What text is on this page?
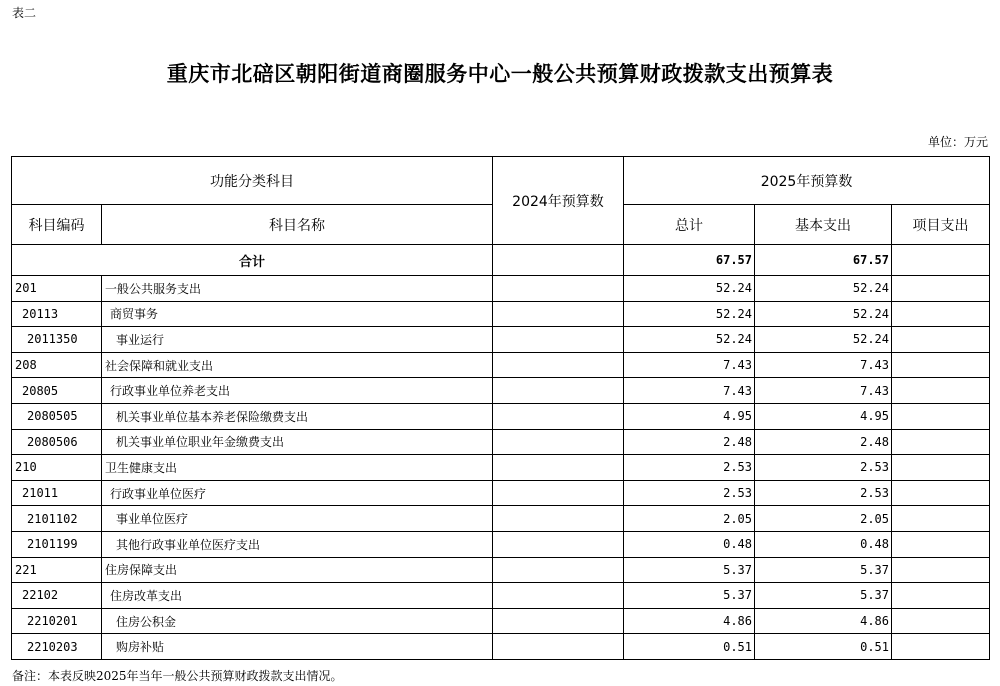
表二
重庆市北碚区朝阳街道商圈服务中心一般公共预算财政拨款支出预算表
单位：万元
功能分类科目		2024年预算数	2025年预算数		
科目编码	科目名称		总计	基本支出	项目支出
合计			67.57	67.57	
201	一般公共服务支出		52.24	52.24	
20113	商贸事务		52.24	52.24	
2011350	事业运行		52.24	52.24	
208	社会保障和就业支出		7.43	7.43	
20805	行政事业单位养老支出		7.43	7.43	
2080505	机关事业单位基本养老保险缴费支出		4.95	4.95	
2080506	机关事业单位职业年金缴费支出		2.48	2.48	
210	卫生健康支出		2.53	2.53	
21011	行政事业单位医疗		2.53	2.53	
2101102	事业单位医疗		2.05	2.05	
2101199	其他行政事业单位医疗支出		0.48	0.48	
221	住房保障支出		5.37	5.37	
22102	住房改革支出		5.37	5.37	
2210201	住房公积金		4.86	4.86	
2210203	购房补贴		0.51	0.51	
备注：本表反映2025年当年一般公共预算财政拨款支出情况。
